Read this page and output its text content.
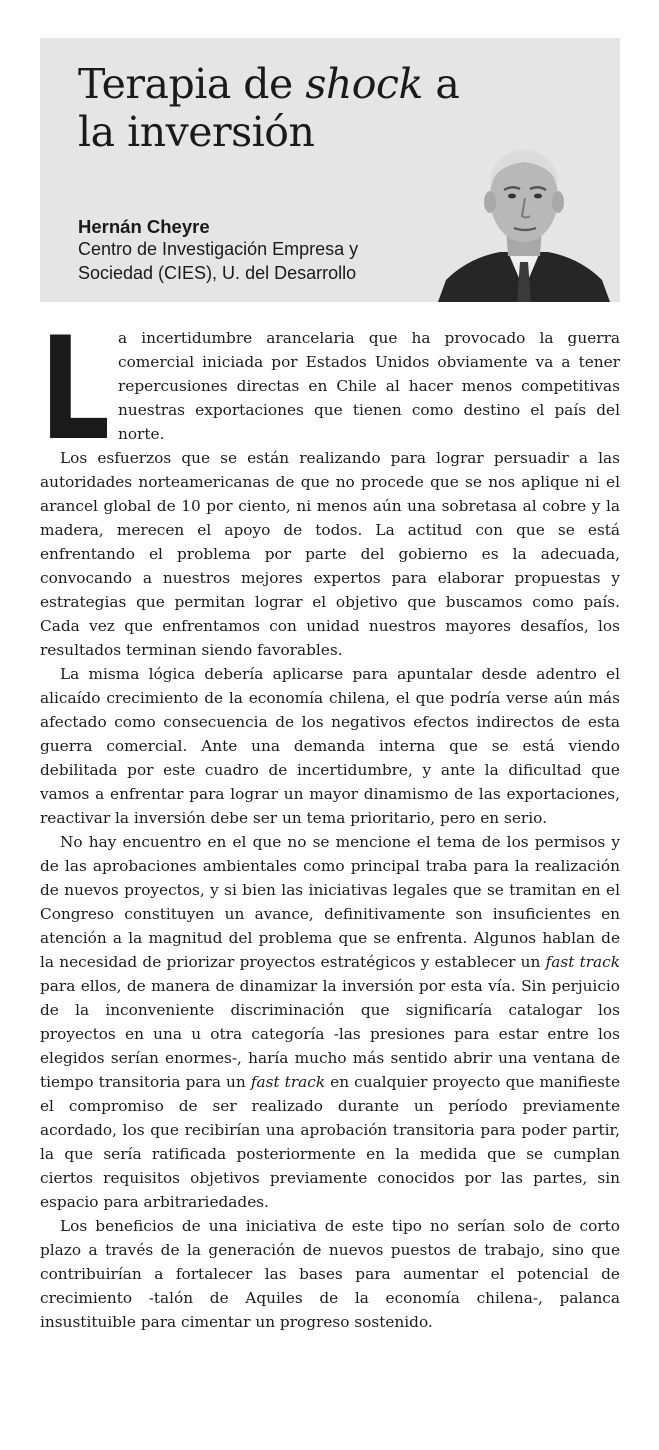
Terapia de shock a la inversión
Hernán Cheyre
Centro de Investigación Empresa y Sociedad (CIES), U. del Desarrollo
L a incertidumbre arancelaria que ha provocado la guerra comercial iniciada por Estados Unidos obviamente va a tener repercusiones directas en Chile al hacer menos competitivas nuestras exportaciones que tienen como destino el país del norte.

Los esfuerzos que se están realizando para lograr persuadir a las autoridades norteamericanas de que no procede que se nos aplique ni el arancel global de 10 por ciento, ni menos aún una sobretasa al cobre y la madera, merecen el apoyo de todos. La actitud con que se está enfrentando el problema por parte del gobierno es la adecuada, convocando a nuestros mejores expertos para elaborar propuestas y estrategias que permitan lograr el objetivo que buscamos como país. Cada vez que enfrentamos con unidad nuestros mayores desafíos, los resultados terminan siendo favorables.

La misma lógica debería aplicarse para apuntalar desde adentro el alicaído crecimiento de la economía chilena, el que podría verse aún más afectado como consecuencia de los negativos efectos indirectos de esta guerra comercial. Ante una demanda interna que se está viendo debilitada por este cuadro de incertidumbre, y ante la dificultad que vamos a enfrentar para lograr un mayor dinamismo de las exportaciones, reactivar la inversión debe ser un tema prioritario, pero en serio.

No hay encuentro en el que no se mencione el tema de los permisos y de las aprobaciones ambientales como principal traba para la realización de nuevos proyectos, y si bien las iniciativas legales que se tramitan en el Congreso constituyen un avance, definitivamente son insuficientes en atención a la magnitud del problema que se enfrenta. Algunos hablan de la necesidad de priorizar proyectos estratégicos y establecer un fast track para ellos, de manera de dinamizar la inversión por esta vía. Sin perjuicio de la inconveniente discriminación que significaría catalogar los proyectos en una u otra categoría -las presiones para estar entre los elegidos serían enormes-, haría mucho más sentido abrir una ventana de tiempo transitoria para un fast track en cualquier proyecto que manifieste el compromiso de ser realizado durante un período previamente acordado, los que recibirían una aprobación transitoria para poder partir, la que sería ratificada posteriormente en la medida que se cumplan ciertos requisitos objetivos previamente conocidos por las partes, sin espacio para arbitrariedades.

Los beneficios de una iniciativa de este tipo no serían solo de corto plazo a través de la generación de nuevos puestos de trabajo, sino que contribuirían a fortalecer las bases para aumentar el potencial de crecimiento -talón de Aquiles de la economía chilena-, palanca insustituible para cimentar un progreso sostenido.
